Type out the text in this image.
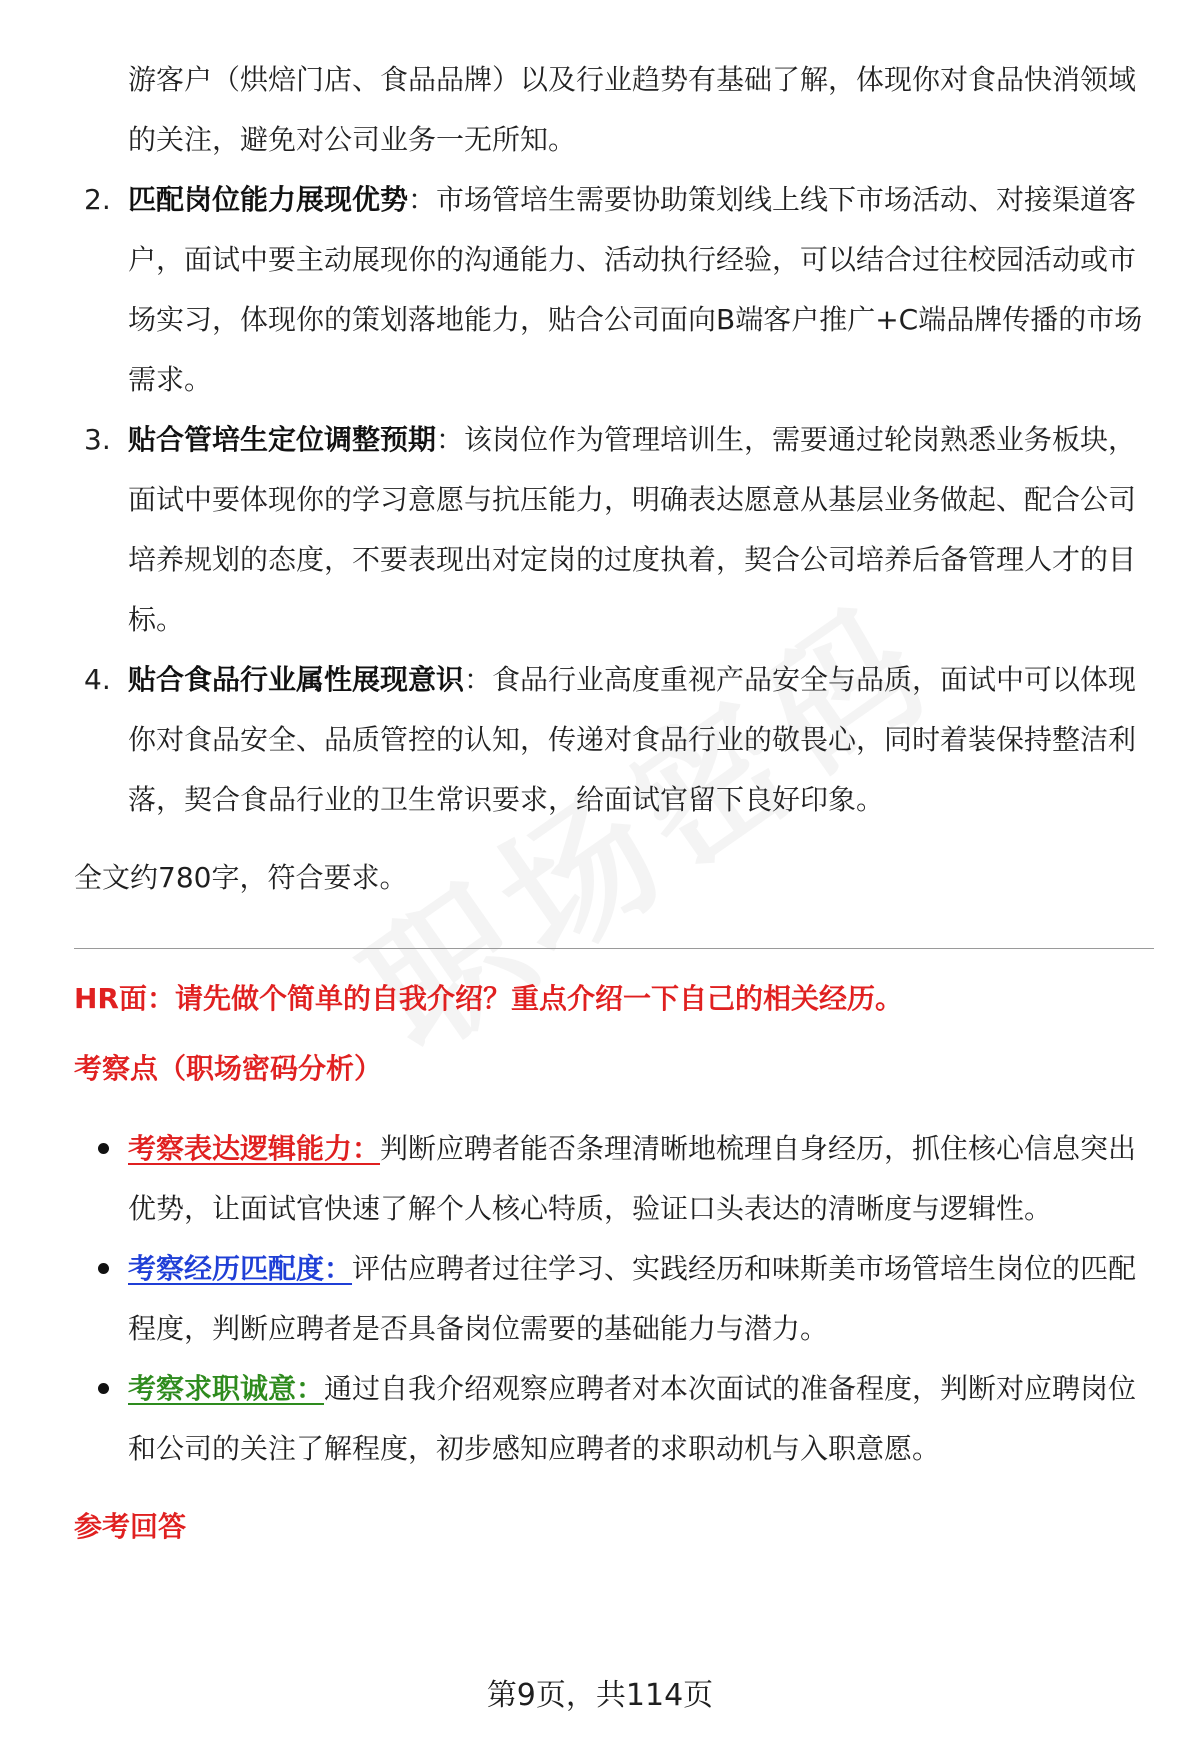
游客户（烘焙门店、食品品牌）以及行业趋势有基础了解，体现你对食品快消领域的关注，避免对公司业务一无所知。
2. 匹配岗位能力展现优势：市场管培生需要协助策划线上线下市场活动、对接渠道客户，面试中要主动展现你的沟通能力、活动执行经验，可以结合过往校园活动或市场实习，体现你的策划落地能力，贴合公司面向B端客户推广+C端品牌传播的市场需求。
3. 贴合管培生定位调整预期：该岗位作为管理培训生，需要通过轮岗熟悉业务板块，面试中要体现你的学习意愿与抗压能力，明确表达愿意从基层业务做起、配合公司培养规划的态度，不要表现出对定岗的过度执着，契合公司培养后备管理人才的目标。
4. 贴合食品行业属性展现意识：食品行业高度重视产品安全与品质，面试中可以体现你对食品安全、品质管控的认知，传递对食品行业的敬畏心，同时着装保持整洁利落，契合食品行业的卫生常识要求，给面试官留下良好印象。
全文约780字，符合要求。

HR面：请先做个简单的自我介绍？重点介绍一下自己的相关经历。

考察点（职场密码分析）

考察表达逻辑能力：判断应聘者能否条理清晰地梳理自身经历，抓住核心信息突出优势，让面试官快速了解个人核心特质，验证口头表达的清晰度与逻辑性。
考察经历匹配度：评估应聘者过往学习、实践经历和味斯美市场管培生岗位的匹配程度，判断应聘者是否具备岗位需要的基础能力与潜力。
考察求职诚意：通过自我介绍观察应聘者对本次面试的准备程度，判断对应聘岗位和公司的关注了解程度，初步感知应聘者的求职动机与入职意愿。

参考回答

第9页，共114页
